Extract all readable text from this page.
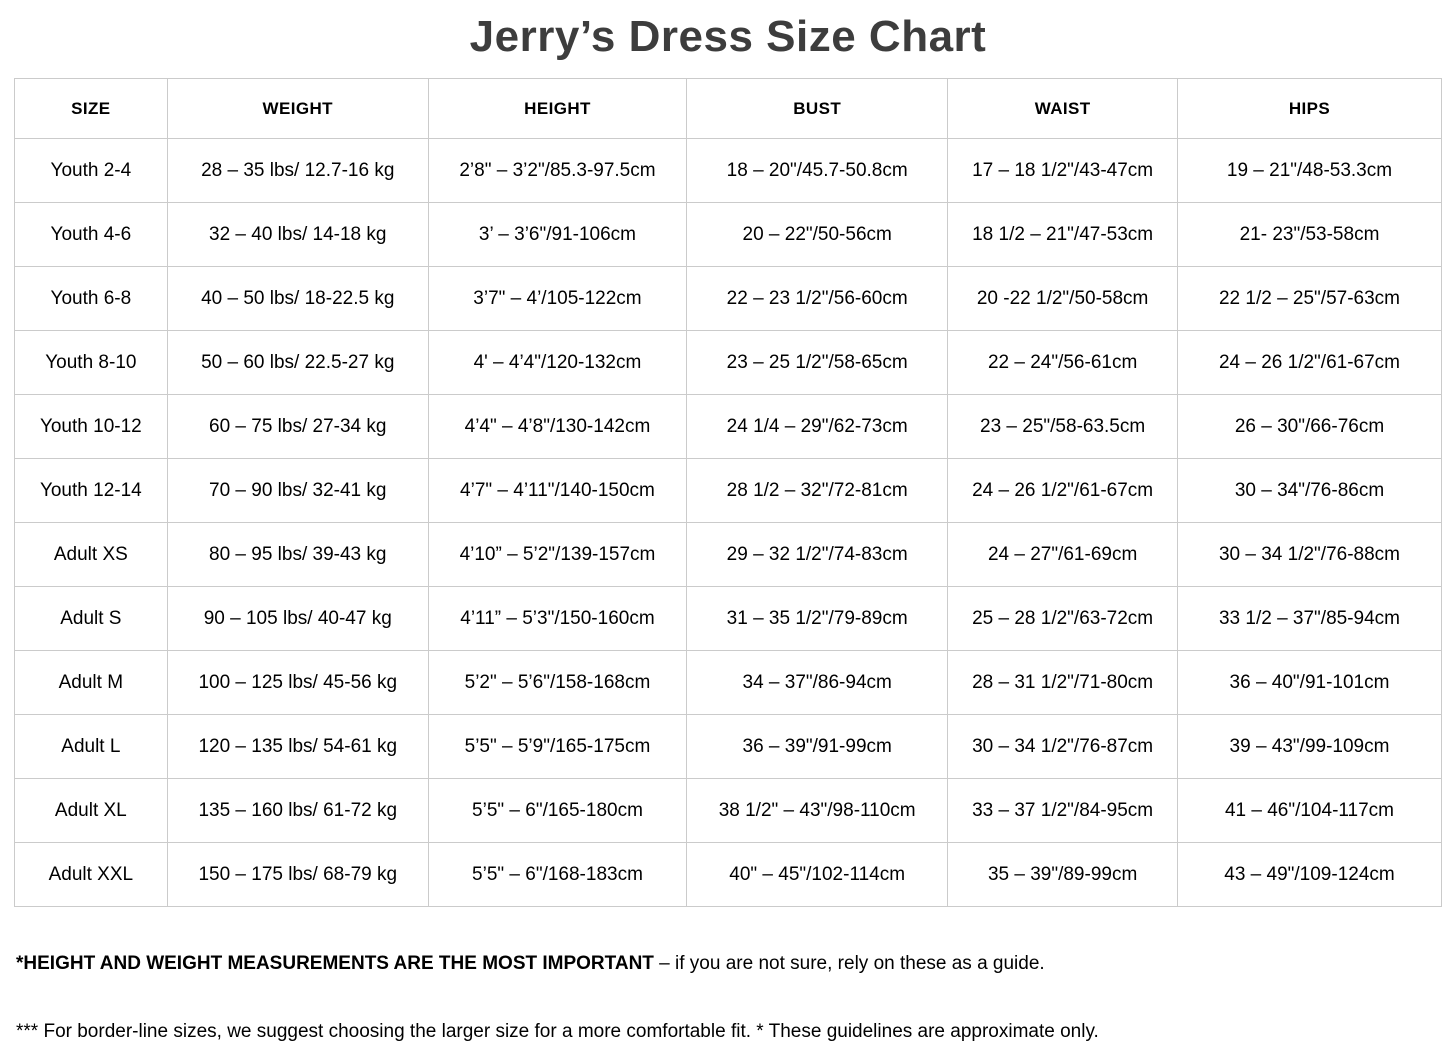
Jerry’s Dress Size Chart
SIZE	WEIGHT	HEIGHT	BUST	WAIST	HIPS
Youth 2-4	28 – 35 lbs/ 12.7-16 kg	2’8" – 3’2"/85.3-97.5cm	18 – 20"/45.7-50.8cm	17 – 18 1/2"/43-47cm	19 – 21"/48-53.3cm
Youth 4-6	32 – 40 lbs/ 14-18 kg	3’ – 3’6"/91-106cm	20 – 22"/50-56cm	18 1/2 – 21"/47-53cm	21- 23"/53-58cm
Youth 6-8	40 – 50 lbs/ 18-22.5 kg	3’7" – 4’/105-122cm	22 – 23 1/2"/56-60cm	20 -22 1/2"/50-58cm	22 1/2 – 25"/57-63cm
Youth 8-10	50 – 60 lbs/ 22.5-27 kg	4' – 4’4"/120-132cm	23 – 25 1/2"/58-65cm	22 – 24"/56-61cm	24 – 26 1/2"/61-67cm
Youth 10-12	60 – 75 lbs/ 27-34 kg	4’4" – 4’8"/130-142cm	24 1/4 – 29"/62-73cm	23 – 25"/58-63.5cm	26 – 30"/66-76cm
Youth 12-14	70 – 90 lbs/ 32-41 kg	4’7" – 4’11"/140-150cm	28 1/2 – 32"/72-81cm	24 – 26 1/2"/61-67cm	30 – 34"/76-86cm
Adult XS	80 – 95 lbs/ 39-43 kg	4’10” – 5’2"/139-157cm	29 – 32 1/2"/74-83cm	24 – 27"/61-69cm	30 – 34 1/2"/76-88cm
Adult S	90 – 105 lbs/ 40-47 kg	4’11” – 5’3"/150-160cm	31 – 35 1/2"/79-89cm	25 – 28 1/2"/63-72cm	33 1/2 – 37"/85-94cm
Adult M	100 – 125 lbs/ 45-56 kg	5’2" – 5’6"/158-168cm	34 – 37"/86-94cm	28 – 31 1/2"/71-80cm	36 – 40"/91-101cm
Adult L	120 – 135 lbs/ 54-61 kg	5’5" – 5’9"/165-175cm	36 – 39"/91-99cm	30 – 34 1/2"/76-87cm	39 – 43"/99-109cm
Adult XL	135 – 160 lbs/ 61-72 kg	5’5" – 6"/165-180cm	38 1/2" – 43"/98-110cm	33 – 37 1/2"/84-95cm	41 – 46"/104-117cm
Adult XXL	150 – 175 lbs/ 68-79 kg	5’5" – 6"/168-183cm	40" – 45"/102-114cm	35 – 39"/89-99cm	43 – 49"/109-124cm

*HEIGHT AND WEIGHT MEASUREMENTS ARE THE MOST IMPORTANT – if you are not sure, rely on these as a guide.

*** For border-line sizes, we suggest choosing the larger size for a more comfortable fit. * These guidelines are approximate only.
